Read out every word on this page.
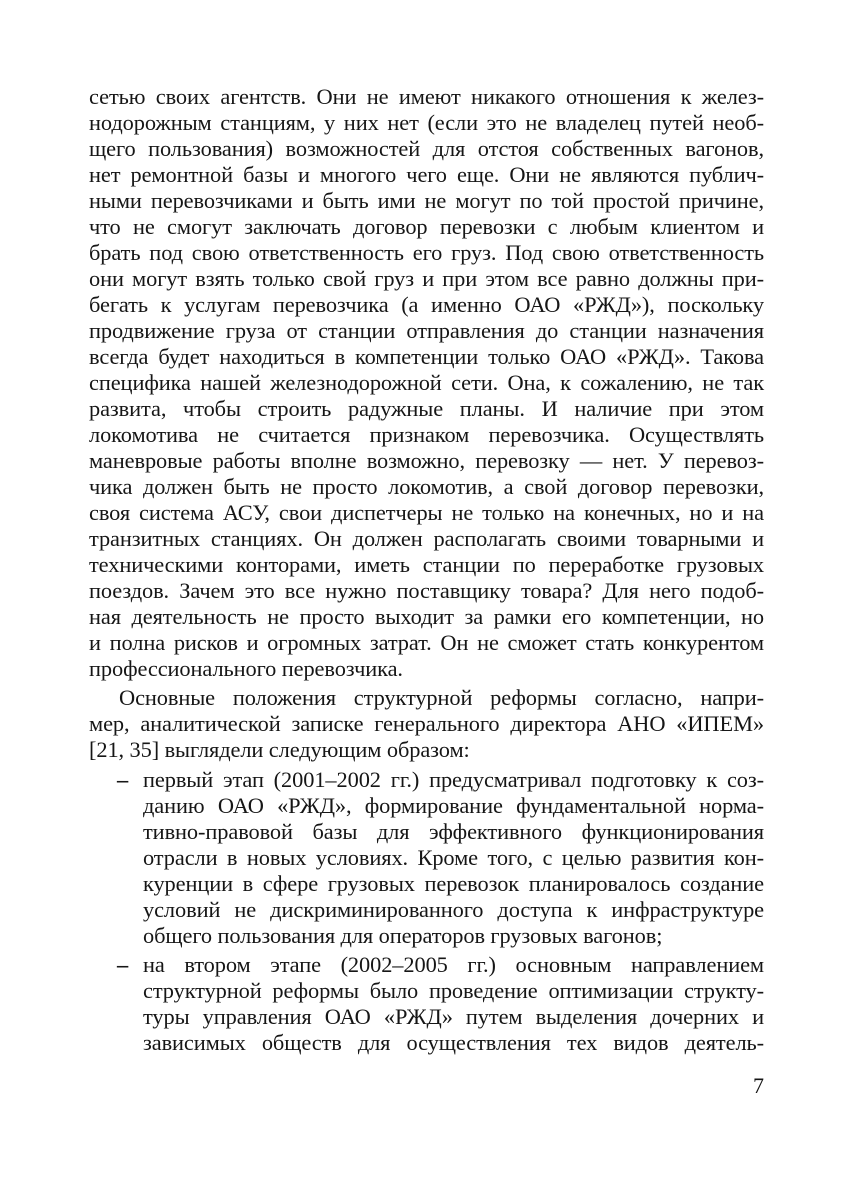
сетью своих агентств. Они не имеют никакого отношения к желез-
нодорожным станциям, у них нет (если это не владелец путей необ-
щего пользования) возможностей для отстоя собственных вагонов,
нет ремонтной базы и многого чего еще. Они не являются публич-
ными перевозчиками и быть ими не могут по той простой причине,
что не смогут заключать договор перевозки с любым клиентом и
брать под свою ответственность его груз. Под свою ответственность
они могут взять только свой груз и при этом все равно должны при-
бегать к услугам перевозчика (а именно ОАО «РЖД»), поскольку
продвижение груза от станции отправления до станции назначения
всегда будет находиться в компетенции только ОАО «РЖД». Такова
специфика нашей железнодорожной сети. Она, к сожалению, не так
развита, чтобы строить радужные планы. И наличие при этом
локомотива не считается признаком перевозчика. Осуществлять
маневровые работы вполне возможно, перевозку — нет. У перевоз-
чика должен быть не просто локомотив, а свой договор перевозки,
своя система АСУ, свои диспетчеры не только на конечных, но и на
транзитных станциях. Он должен располагать своими товарными и
техническими конторами, иметь станции по переработке грузовых
поездов. Зачем это все нужно поставщику товара? Для него подоб-
ная деятельность не просто выходит за рамки его компетенции, но
и полна рисков и огромных затрат. Он не сможет стать конкурентом
профессионального перевозчика.
Основные положения структурной реформы согласно, напри-
мер, аналитической записке генерального директора АНО «ИПЕМ»
[21, 35] выглядели следующим образом:
– первый этап (2001–2002 гг.) предусматривал подготовку к соз-
данию ОАО «РЖД», формирование фундаментальной норма-
тивно-правовой базы для эффективного функционирования
отрасли в новых условиях. Кроме того, с целью развития кон-
куренции в сфере грузовых перевозок планировалось создание
условий не дискриминированного доступа к инфраструктуре
общего пользования для операторов грузовых вагонов;
– на втором этапе (2002–2005 гг.) основным направлением
структурной реформы было проведение оптимизации структу-
туры управления ОАО «РЖД» путем выделения дочерних и
зависимых обществ для осуществления тех видов деятель-
7
